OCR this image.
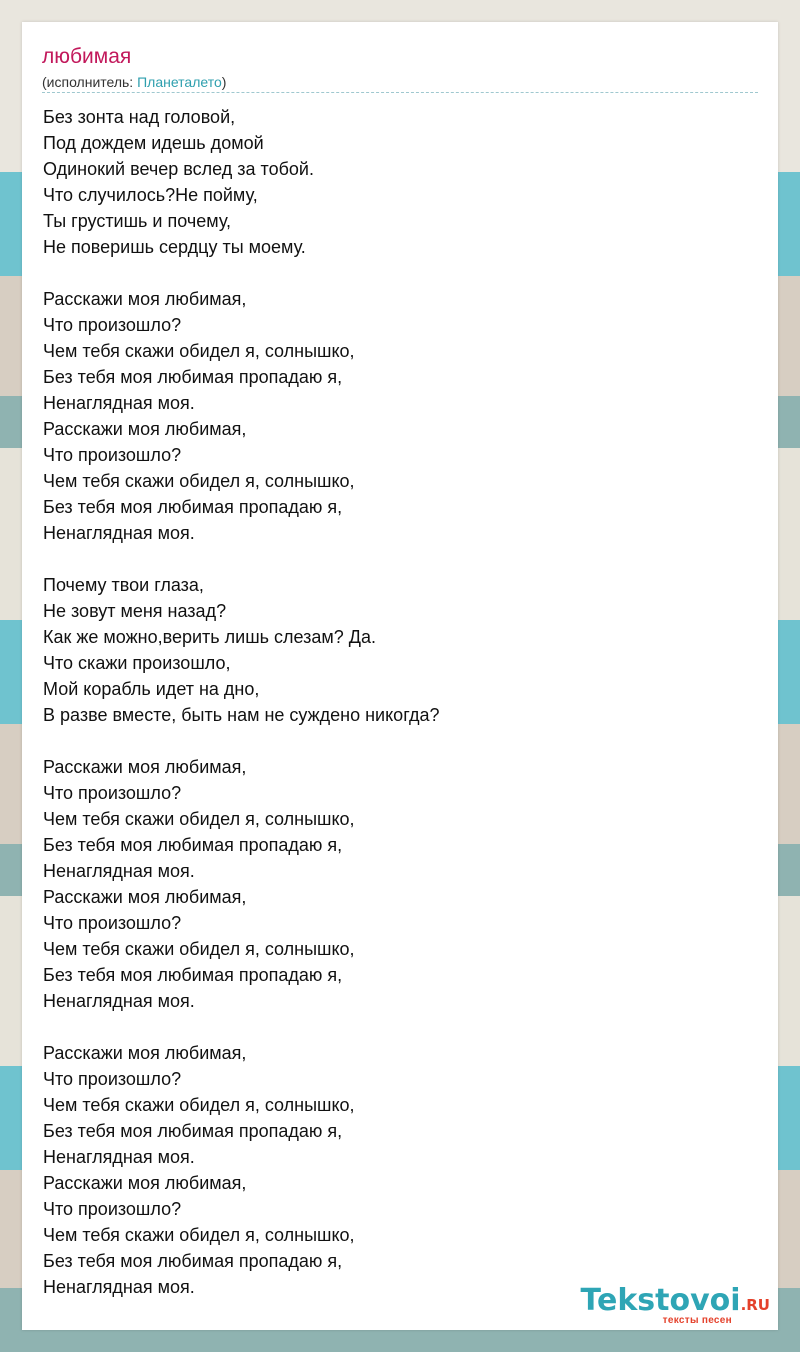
любимая
(исполнитель: Планеталето)
Без зонта над головой,
Под дождем идешь домой
Одинокий вечер вслед за тобой.
Что случилось?Не пойму,
Ты грустишь и почему,
Не поверишь сердцу ты моему.
Расскажи моя любимая,
Что произошло?
Чем тебя скажи обидел я, солнышко,
Без тебя моя любимая пропадаю я,
Ненаглядная моя.
Расскажи моя любимая,
Что произошло?
Чем тебя скажи обидел я, солнышко,
Без тебя моя любимая пропадаю я,
Ненаглядная моя.
Почему твои глаза,
Не зовут меня назад?
Как же можно,верить лишь слезам? Да.
Что скажи произошло,
Мой корабль идет на дно,
В разве вместе, быть нам не суждено никогда?
Расскажи моя любимая,
Что произошло?
Чем тебя скажи обидел я, солнышко,
Без тебя моя любимая пропадаю я,
Ненаглядная моя.
Расскажи моя любимая,
Что произошло?
Чем тебя скажи обидел я, солнышко,
Без тебя моя любимая пропадаю я,
Ненаглядная моя.
Расскажи моя любимая,
Что произошло?
Чем тебя скажи обидел я, солнышко,
Без тебя моя любимая пропадаю я,
Ненаглядная моя.
Расскажи моя любимая,
Что произошло?
Чем тебя скажи обидел я, солнышко,
Без тебя моя любимая пропадаю я,
Ненаглядная моя.	Tekstovoi.RU
тексты песен
